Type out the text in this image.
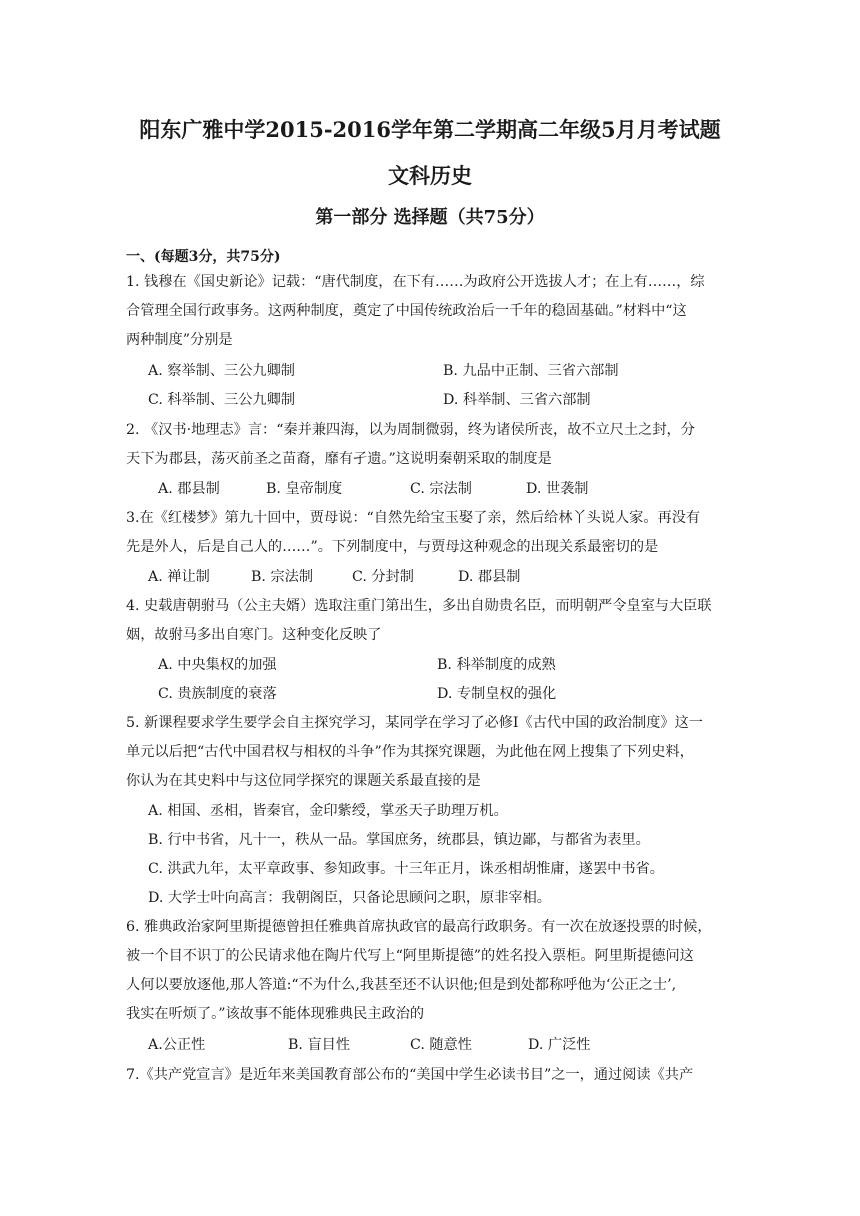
阳东广雅中学2015-2016学年第二学期高二年级5月月考试题
文科历史
第一部分 选择题（共75分）
一、(每题3分，共75分)
1. 钱穆在《国史新论》记载：“唐代制度，在下有……为政府公开选拔人才；在上有……，综
合管理全国行政事务。这两种制度，奠定了中国传统政治后一千年的稳固基础。”材料中“这
两种制度”分别是
A. 察举制、三公九卿制	B. 九品中正制、三省六部制
C. 科举制、三公九卿制	D. 科举制、三省六部制
2. 《汉书·地理志》言：“秦并兼四海，以为周制微弱，终为诸侯所丧，故不立尺土之封，分
天下为郡县，荡灭前圣之苗裔，靡有孑遗。”这说明秦朝采取的制度是
A. 郡县制	B. 皇帝制度	C. 宗法制	D. 世袭制
3.在《红楼梦》第九十回中，贾母说：“自然先给宝玉娶了亲，然后给林丫头说人家。再没有
先是外人，后是自己人的……”。下列制度中，与贾母这种观念的出现关系最密切的是
A. 禅让制	B. 宗法制	C. 分封制	D. 郡县制
4. 史载唐朝驸马（公主夫婿）选取注重门第出生，多出自勋贵名臣，而明朝严令皇室与大臣联
姻，故驸马多出自寒门。这种变化反映了
A. 中央集权的加强	B. 科举制度的成熟
C. 贵族制度的衰落	D. 专制皇权的强化
5. 新课程要求学生要学会自主探究学习，某同学在学习了必修Ⅰ《古代中国的政治制度》这一
单元以后把“古代中国君权与相权的斗争”作为其探究课题，为此他在网上搜集了下列史料，
你认为在其史料中与这位同学探究的课题关系最直接的是
A. 相国、丞相，皆秦官，金印紫绶，掌丞天子助理万机。
B. 行中书省，凡十一，秩从一品。掌国庶务，统郡县，镇边鄙，与都省为表里。
C. 洪武九年，太平章政事、参知政事。十三年正月，诛丞相胡惟庸，遂罢中书省。
D. 大学士叶向高言：我朝阁臣，只备论思顾问之职，原非宰相。
6. 雅典政治家阿里斯提德曾担任雅典首席执政官的最高行政职务。有一次在放逐投票的时候，
被一个目不识丁的公民请求他在陶片代写上“阿里斯提德”的姓名投入票柜。阿里斯提德问这
人何以要放逐他,那人答道:“不为什么,我甚至还不认识他;但是到处都称呼他为‘公正之士’,
我实在听烦了。”该故事不能体现雅典民主政治的
A.公正性	B. 盲目性	C. 随意性	D. 广泛性
7.《共产党宣言》是近年来美国教育部公布的“美国中学生必读书目”之一，通过阅读《共产
